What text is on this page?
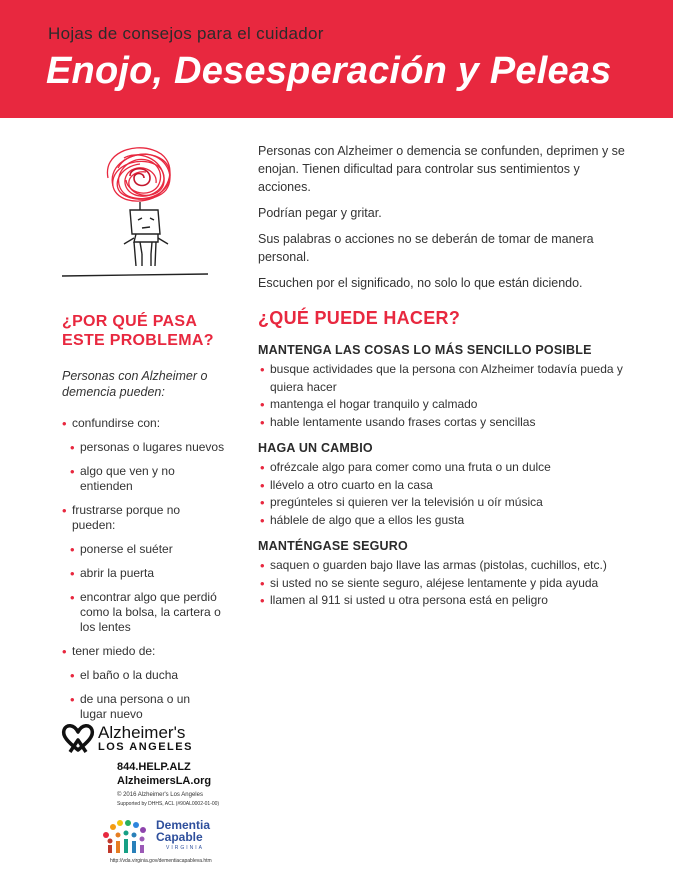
Hojas de consejos para el cuidador
Enojo, Desesperación y Peleas
¿POR QUÉ PASA
ESTE PROBLEMA?
Personas con Alzheimer o demencia pueden:
• confundirse con:
• personas o lugares nuevos
• algo que ven y no entienden
• frustrarse porque no pueden:
• ponerse el suéter
• abrir la puerta
• encontrar algo que perdió como la bolsa, la cartera o los lentes
• tener miedo de:
• el baño o la ducha
• de una persona o un lugar nuevo

Personas con Alzheimer o demencia se confunden, deprimen y se enojan. Tienen dificultad para controlar sus sentimientos y acciones.

Podrían pegar y gritar.

Sus palabras o acciones no se deberán de tomar de manera personal.

Escuchen por el significado, no solo lo que están diciendo.

¿QUÉ PUEDE HACER?
MANTENGA LAS COSAS LO MÁS SENCILLO POSIBLE
• busque actividades que la persona con Alzheimer todavía pueda y quiera hacer
• mantenga el hogar tranquilo y calmado
• hable lentamente usando frases cortas y sencillas
HAGA UN CAMBIO
• ofrézcale algo para comer como una fruta o un dulce
• llévelo a otro cuarto en la casa
• pregúnteles si quieren ver la televisión u oír música
• háblele de algo que a ellos les gusta
MANTÉNGASE SEGURO
• saquen o guarden bajo llave las armas (pistolas, cuchillos, etc.)
• si usted no se siente seguro, aléjese lentamente y pida ayuda
• llamen al 911 si usted u otra persona está en peligro
Alzheimer's
LOS ANGELES
844.HELP.ALZ
AlzheimersLA.org
© 2016 Alzheimer's Los Angeles
Supported by DHHS, ACL (#90AL0002-01-00)
Dementia
Capable
VIRGINIA
http://vda.virginia.gov/dementiacapableva.htm
